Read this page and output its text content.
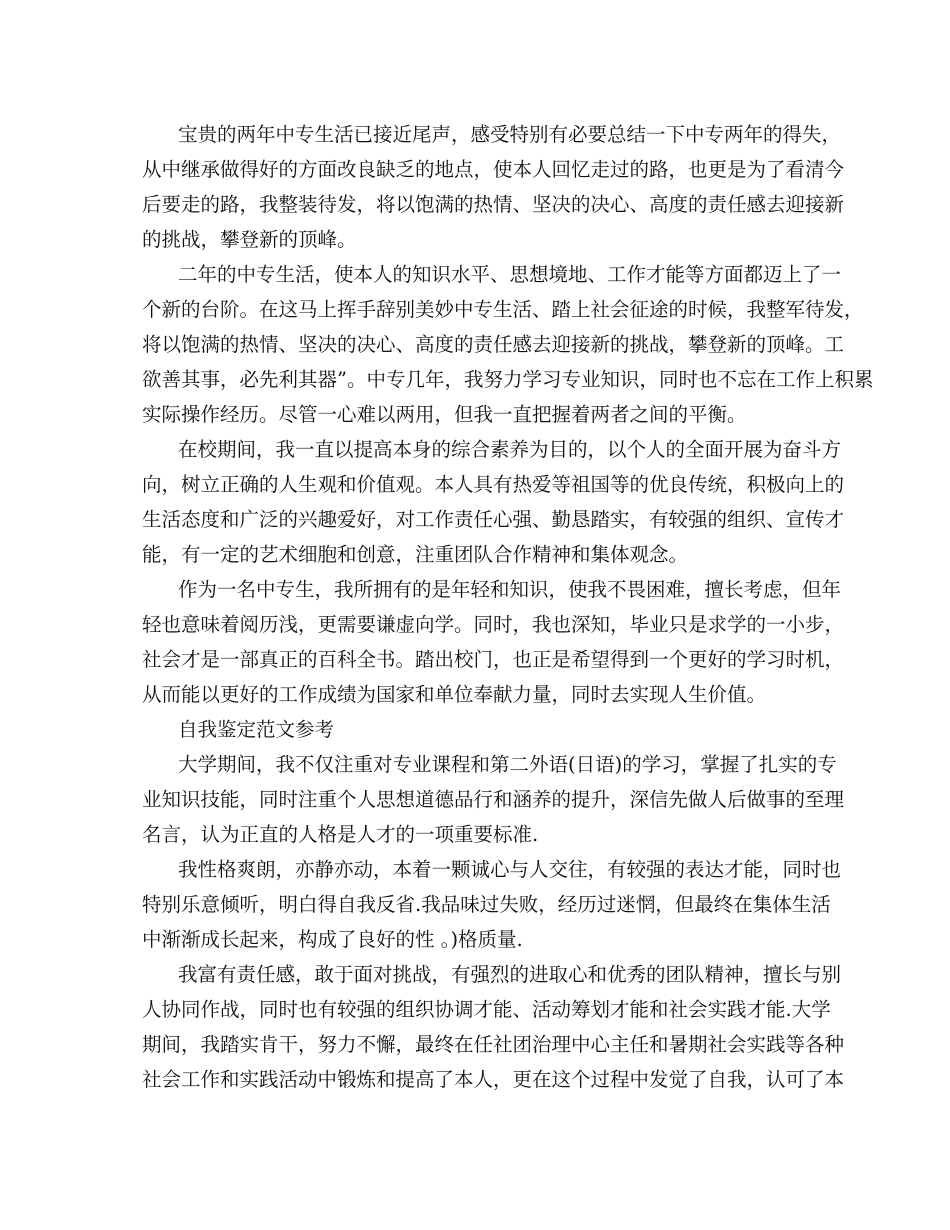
宝贵的两年中专生活已接近尾声，感受特别有必要总结一下中专两年的得失，
从中继承做得好的方面改良缺乏的地点，使本人回忆走过的路，也更是为了看清今
后要走的路，我整装待发，将以饱满的热情、坚决的决心、高度的责任感去迎接新
的挑战，攀登新的顶峰。
二年的中专生活，使本人的知识水平、思想境地、工作才能等方面都迈上了一
个新的台阶。在这马上挥手辞别美妙中专生活、踏上社会征途的时候，我整军待发，
将以饱满的热情、坚决的决心、高度的责任感去迎接新的挑战，攀登新的顶峰。工
欲善其事，必先利其器”。中专几年，我努力学习专业知识，同时也不忘在工作上积累
实际操作经历。尽管一心难以两用，但我一直把握着两者之间的平衡。
在校期间，我一直以提高本身的综合素养为目的，以个人的全面开展为奋斗方
向，树立正确的人生观和价值观。本人具有热爱等祖国等的优良传统，积极向上的
生活态度和广泛的兴趣爱好，对工作责任心强、勤恳踏实，有较强的组织、宣传才
能，有一定的艺术细胞和创意，注重团队合作精神和集体观念。
作为一名中专生，我所拥有的是年轻和知识，使我不畏困难，擅长考虑，但年
轻也意味着阅历浅，更需要谦虚向学。同时，我也深知，毕业只是求学的一小步，
社会才是一部真正的百科全书。踏出校门，也正是希望得到一个更好的学习时机，
从而能以更好的工作成绩为国家和单位奉献力量，同时去实现人生价值。
自我鉴定范文参考
大学期间，我不仅注重对专业课程和第二外语(日语)的学习，掌握了扎实的专
业知识技能，同时注重个人思想道德品行和涵养的提升，深信先做人后做事的至理
名言，认为正直的人格是人才的一项重要标准.
我性格爽朗，亦静亦动，本着一颗诚心与人交往，有较强的表达才能，同时也
特别乐意倾听，明白得自我反省.我品味过失败，经历过迷惘，但最终在集体生活
中渐渐成长起来，构成了良好的性 。)格质量.
我富有责任感，敢于面对挑战，有强烈的进取心和优秀的团队精神，擅长与别
人协同作战，同时也有较强的组织协调才能、活动筹划才能和社会实践才能.大学
期间，我踏实肯干，努力不懈，最终在任社团治理中心主任和暑期社会实践等各种
社会工作和实践活动中锻炼和提高了本人，更在这个过程中发觉了自我，认可了本
